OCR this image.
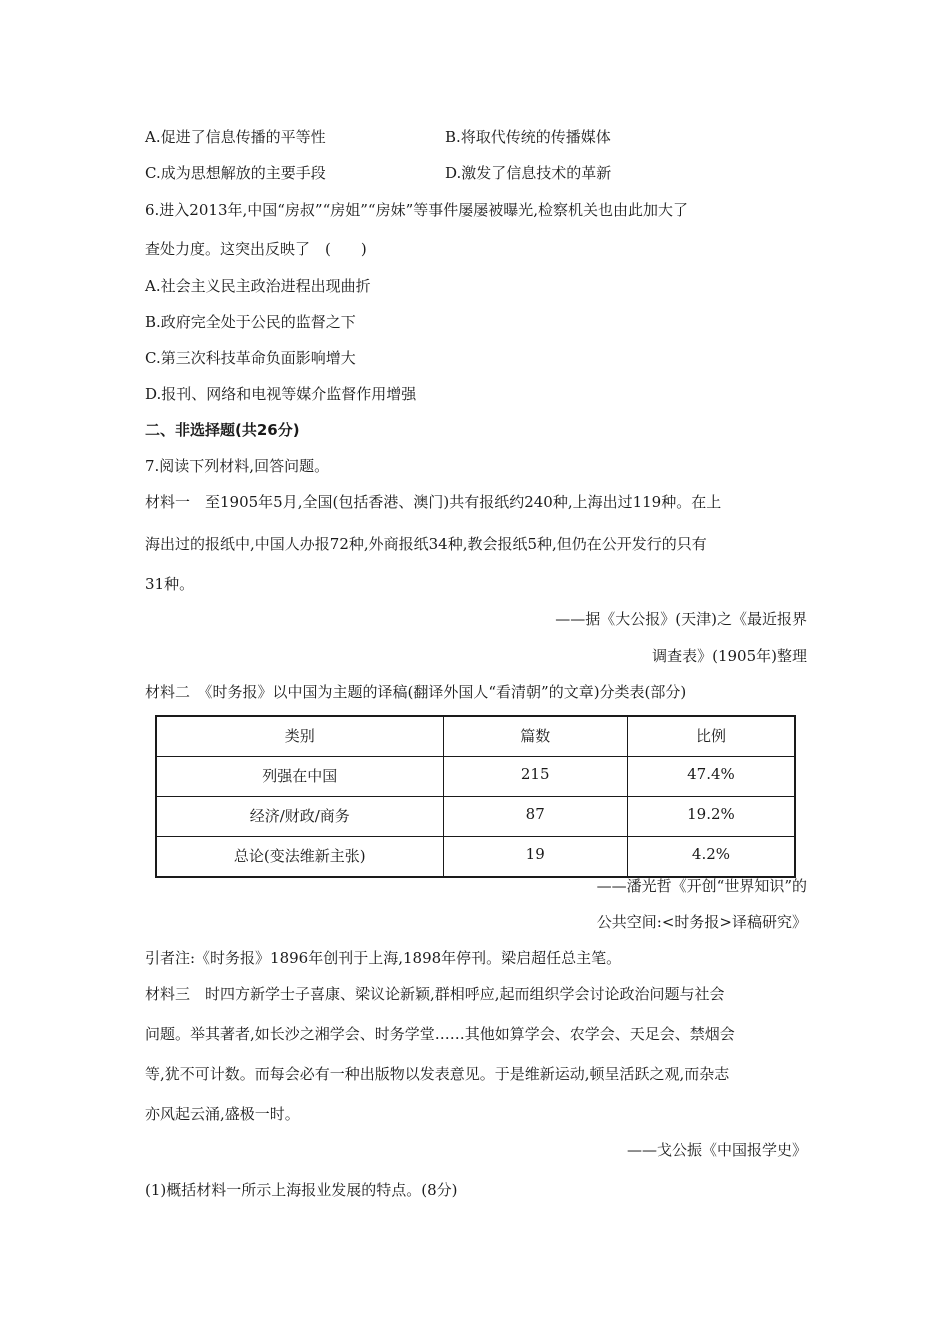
A.促进了信息传播的平等性	B.将取代传统的传播媒体
C.成为思想解放的主要手段	D.激发了信息技术的革新
6.进入2013年,中国“房叔”“房姐”“房妹”等事件屡屡被曝光,检察机关也由此加大了
查处力度。这突出反映了　(　　)
A.社会主义民主政治进程出现曲折
B.政府完全处于公民的监督之下
C.第三次科技革命负面影响增大
D.报刊、网络和电视等媒介监督作用增强
二、非选择题(共26分)
7.阅读下列材料,回答问题。
材料一　至1905年5月,全国(包括香港、澳门)共有报纸约240种,上海出过119种。在上
海出过的报纸中,中国人办报72种,外商报纸34种,教会报纸5种,但仍在公开发行的只有
31种。
——据《大公报》(天津)之《最近报界
调查表》(1905年)整理
材料二　《时务报》以中国为主题的译稿(翻译外国人“看清朝”的文章)分类表(部分)
类别	篇数	比例
列强在中国	215	47.4%
经济/财政/商务	87	19.2%
总论(变法维新主张)	19	4.2%
——潘光哲《开创“世界知识”的
公共空间:<时务报>译稿研究》
引者注:《时务报》1896年创刊于上海,1898年停刊。梁启超任总主笔。
材料三　时四方新学士子喜康、梁议论新颖,群相呼应,起而组织学会讨论政治问题与社会
问题。举其著者,如长沙之湘学会、时务学堂……其他如算学会、农学会、天足会、禁烟会
等,犹不可计数。而每会必有一种出版物以发表意见。于是维新运动,顿呈活跃之观,而杂志
亦风起云涌,盛极一时。
——戈公振《中国报学史》
(1)概括材料一所示上海报业发展的特点。(8分)
